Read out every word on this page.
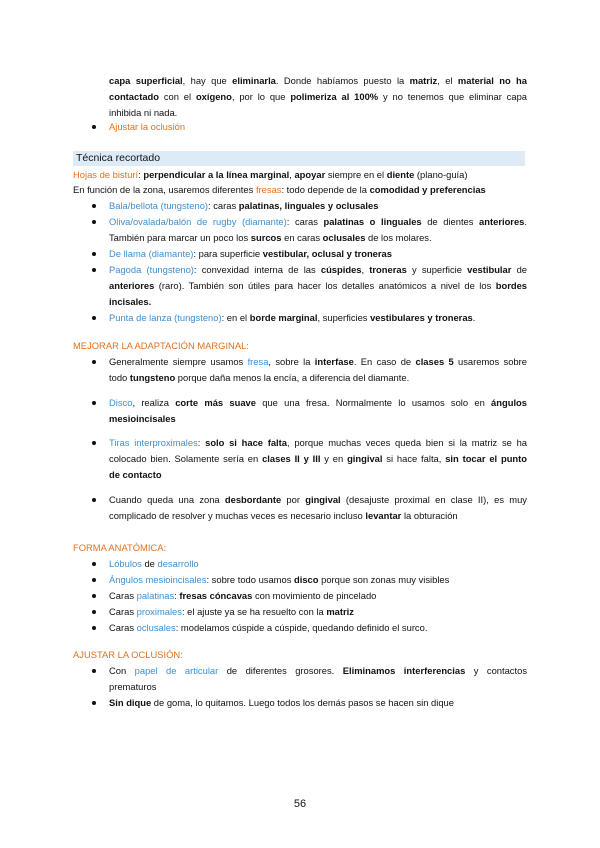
capa superficial, hay que eliminarla. Donde habíamos puesto la matriz, el material no ha
contactado con el oxígeno, por lo que polimeriza al 100% y no tenemos que eliminar capa
inhibida ni nada.
Ajustar la oclusión
Técnica recortado
Hojas de bisturí: perpendicular a la línea marginal, apoyar siempre en el diente (plano-guía)
En función de la zona, usaremos diferentes fresas: todo depende de la comodidad y preferencias
Bala/bellota (tungsteno): caras palatinas, linguales y oclusales
Oliva/ovalada/balón de rugby (diamante): caras palatinas o linguales de dientes anteriores.
También para marcar un poco los surcos en caras oclusales de los molares.
De llama (diamante): para superficie vestibular, oclusal y troneras
Pagoda (tungsteno): convexidad interna de las cúspides, troneras y superficie vestibular de
anteriores (raro). También son útiles para hacer los detalles anatómicos a nivel de los bordes
incisales.
Punta de lanza (tungsteno): en el borde marginal, superficies vestibulares y troneras.
MEJORAR LA ADAPTACIÓN MARGINAL:
Generalmente siempre usamos fresa, sobre la interfase. En caso de clases 5 usaremos sobre
todo tungsteno porque daña menos la encía, a diferencia del diamante.
Disco, realiza corte más suave que una fresa. Normalmente lo usamos solo en ángulos
mesioincisales
Tiras interproximales: solo si hace falta, porque muchas veces queda bien si la matriz se ha
colocado bien. Solamente sería en clases II y III y en gingival si hace falta, sin tocar el punto
de contacto
Cuando queda una zona desbordante por gingival (desajuste proximal en clase II), es muy
complicado de resolver y muchas veces es necesario incluso levantar la obturación
FORMA ANATÓMICA:
Lóbulos de desarrollo
Ángulos mesioincisales: sobre todo usamos disco porque son zonas muy visibles
Caras palatinas: fresas cóncavas con movimiento de pincelado
Caras proximales: el ajuste ya se ha resuelto con la matriz
Caras oclusales: modelamos cúspide a cúspide, quedando definido el surco.
AJUSTAR LA OCLUSIÓN:
Con papel de articular de diferentes grosores. Eliminamos interferencias y contactos
prematuros
Sin dique de goma, lo quitamos. Luego todos los demás pasos se hacen sin dique
56
